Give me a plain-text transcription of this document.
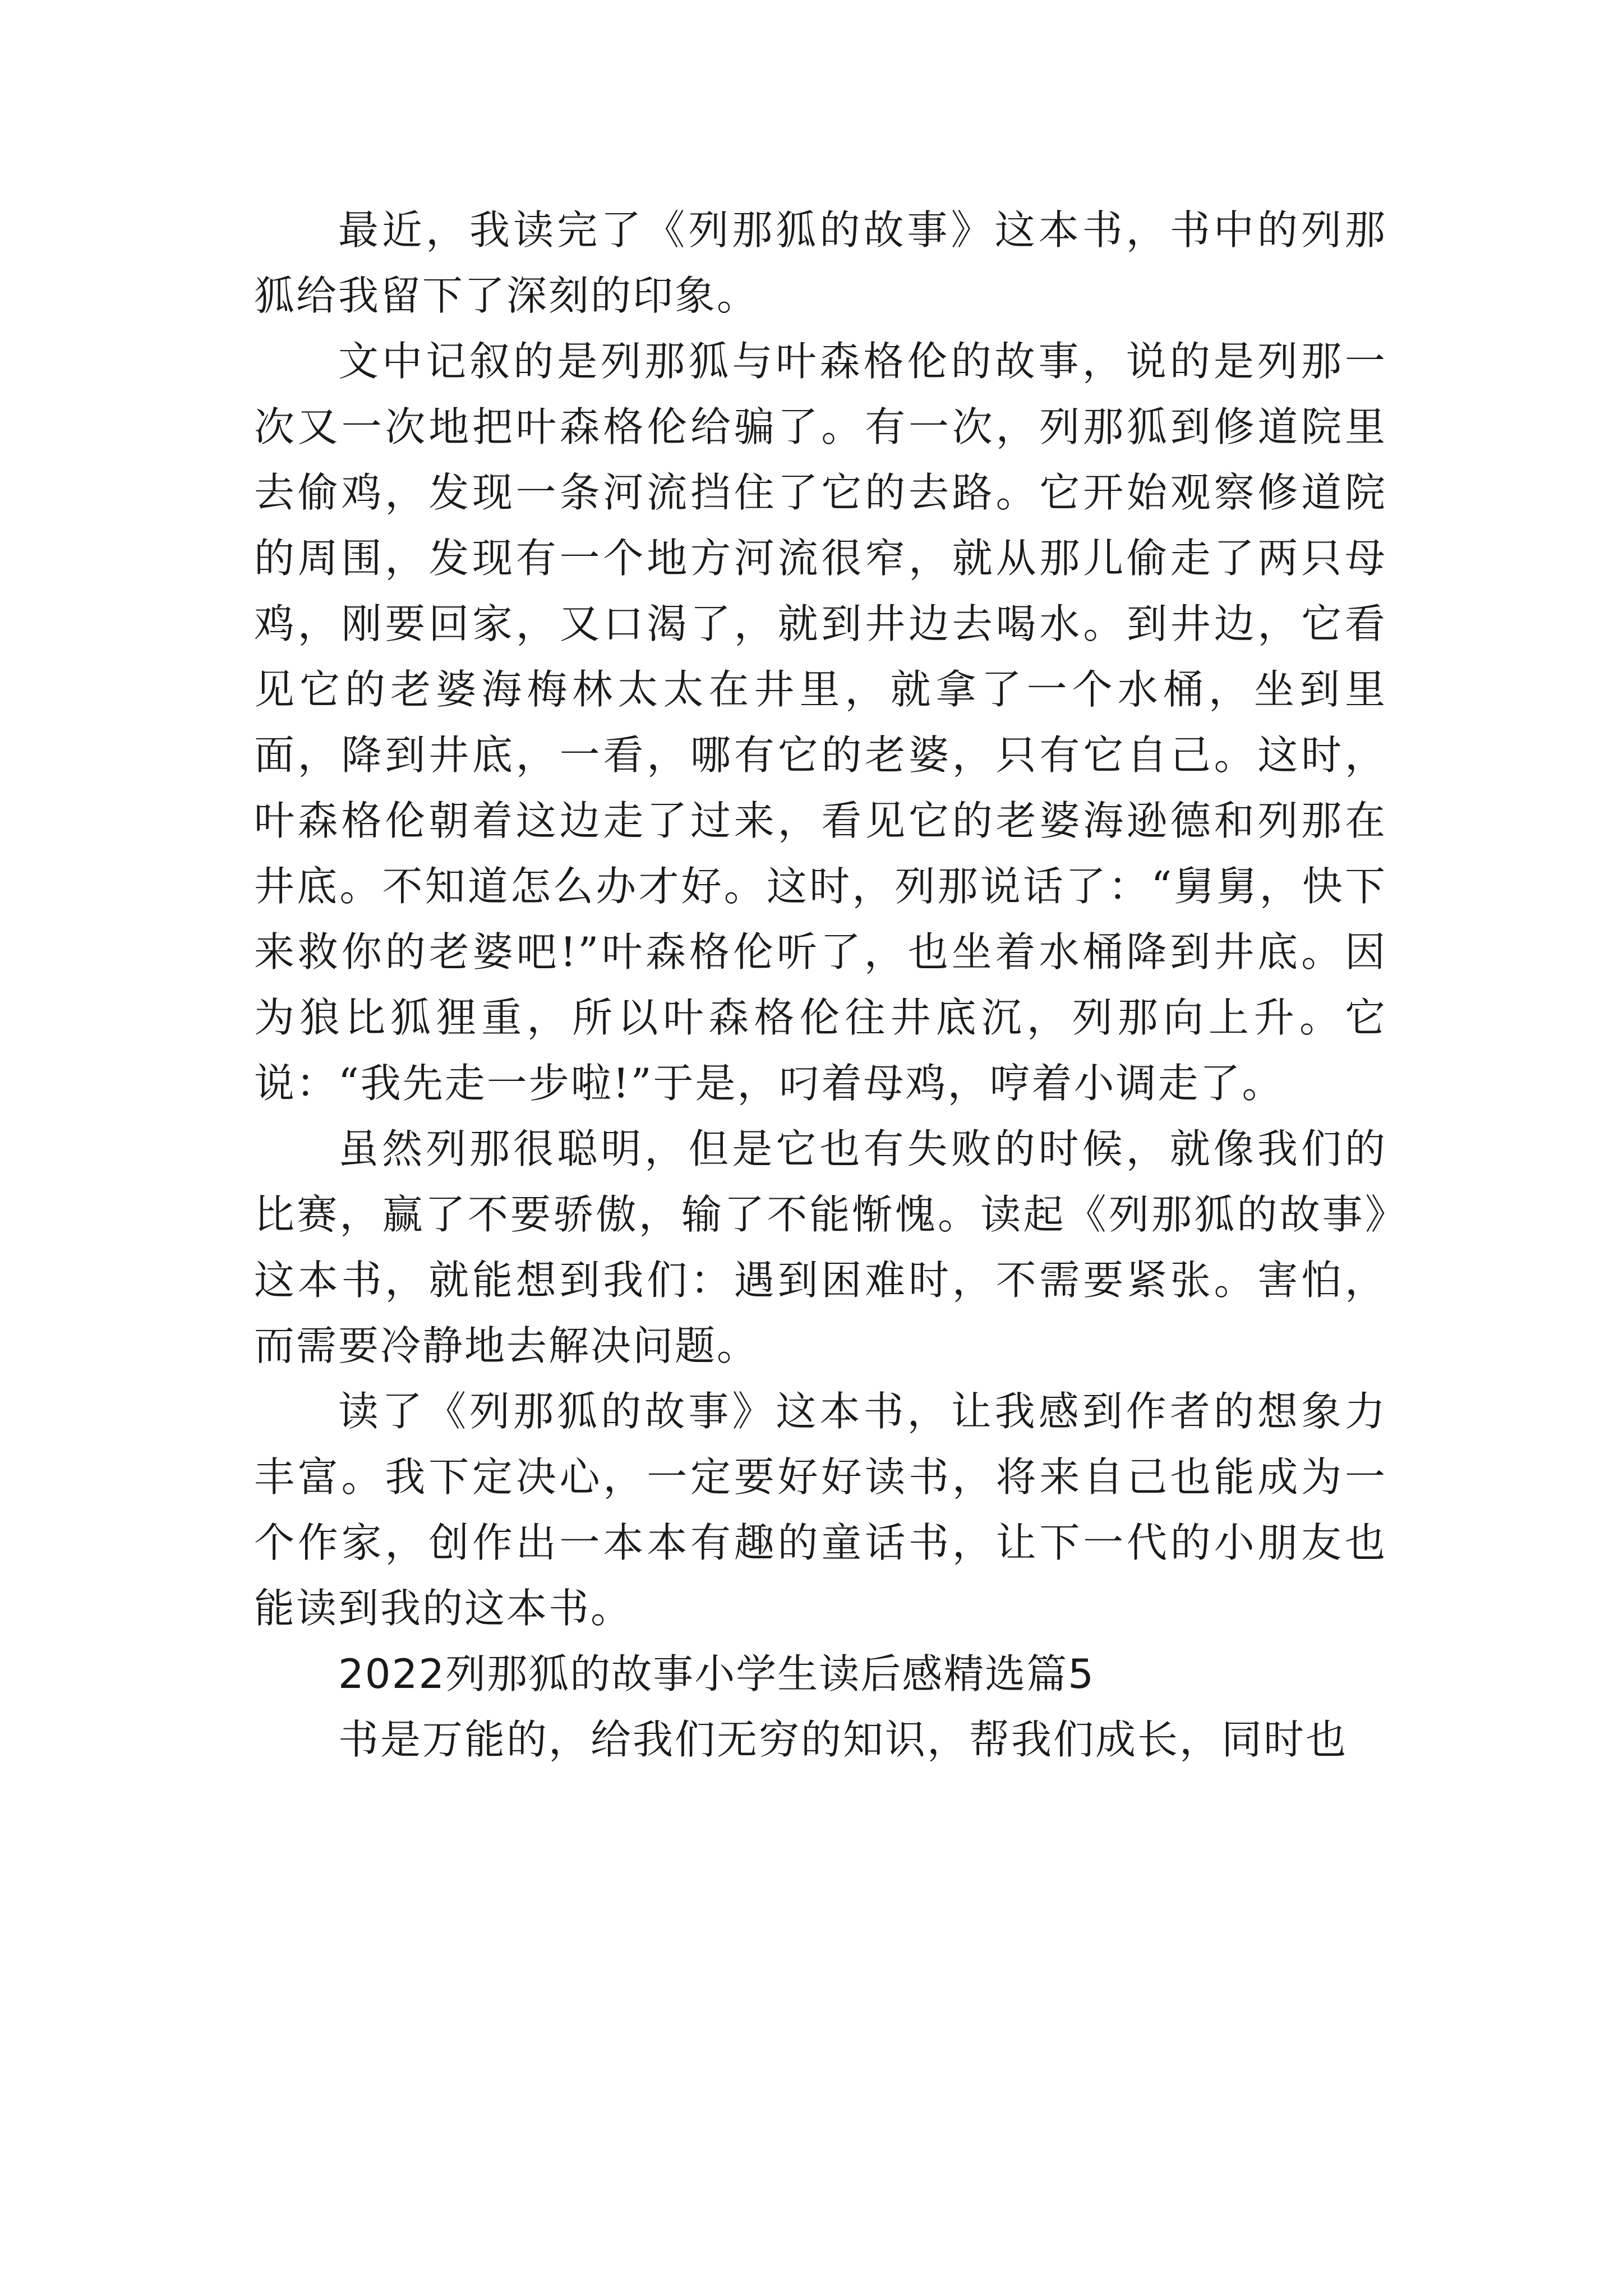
最近，我读完了《列那狐的故事》这本书，书中的列那狐给我留下了深刻的印象。

文中记叙的是列那狐与叶森格伦的故事，说的是列那一次又一次地把叶森格伦给骗了。有一次，列那狐到修道院里去偷鸡，发现一条河流挡住了它的去路。它开始观察修道院的周围，发现有一个地方河流很窄，就从那儿偷走了两只母鸡，刚要回家，又口渴了，就到井边去喝水。到井边，它看见它的老婆海梅林太太在井里，就拿了一个水桶，坐到里面，降到井底，一看，哪有它的老婆，只有它自己。这时，叶森格伦朝着这边走了过来，看见它的老婆海逊德和列那在井底。不知道怎么办才好。这时，列那说话了：“舅舅，快下来救你的老婆吧!”叶森格伦听了，也坐着水桶降到井底。因为狼比狐狸重，所以叶森格伦往井底沉，列那向上升。它说：“我先走一步啦!”于是，叼着母鸡，哼着小调走了。

虽然列那很聪明，但是它也有失败的时候，就像我们的比赛，赢了不要骄傲，输了不能惭愧。读起《列那狐的故事》这本书，就能想到我们：遇到困难时，不需要紧张。害怕，而需要冷静地去解决问题。

读了《列那狐的故事》这本书，让我感到作者的想象力丰富。我下定决心，一定要好好读书，将来自己也能成为一个作家，创作出一本本有趣的童话书，让下一代的小朋友也能读到我的这本书。

2022列那狐的故事小学生读后感精选篇5

书是万能的，给我们无穷的知识，帮我们成长，同时也
